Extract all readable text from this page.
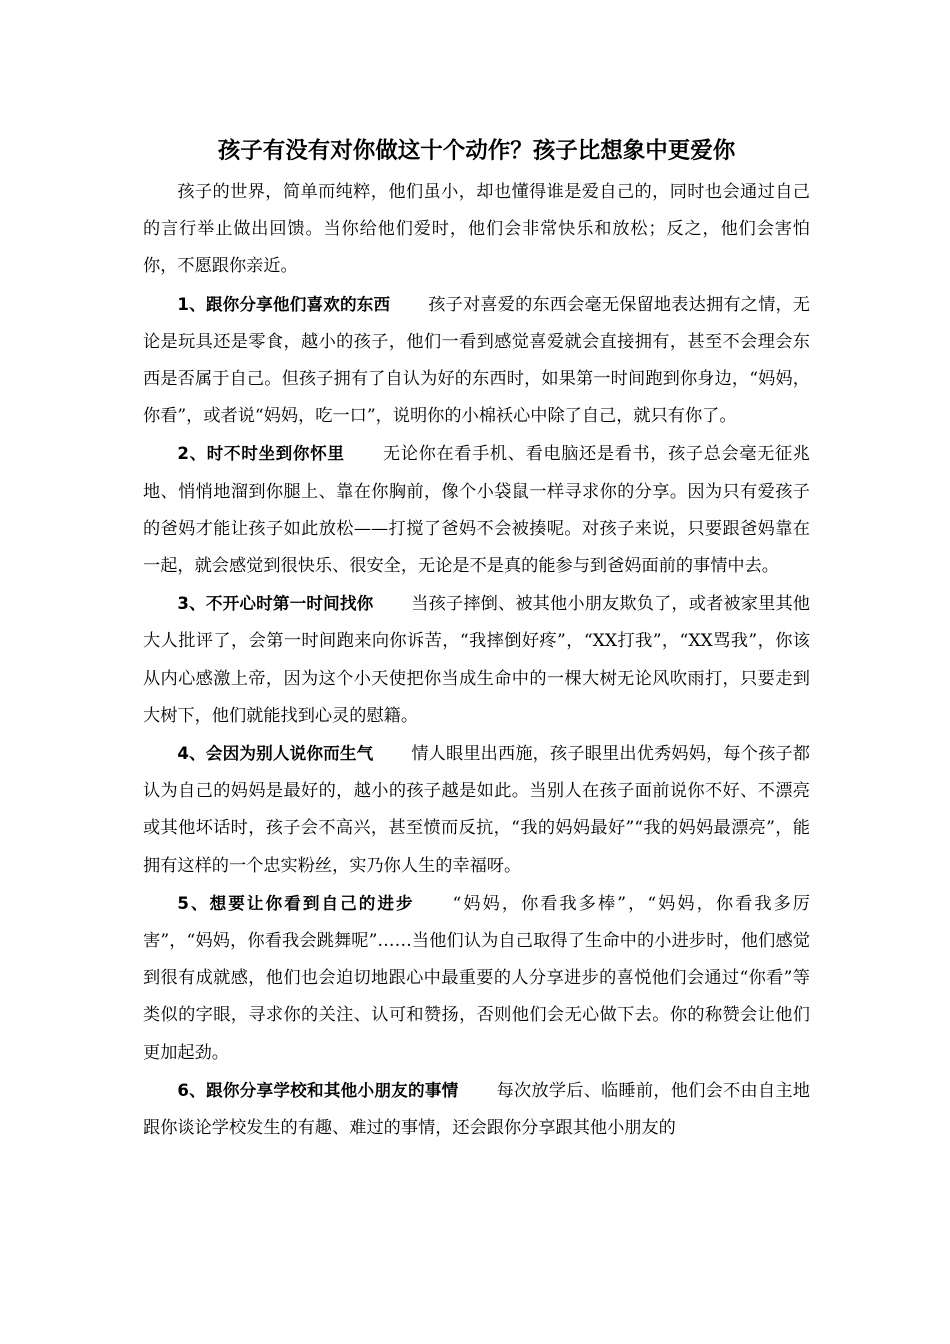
孩子有没有对你做这十个动作？孩子比想象中更爱你

孩子的世界，简单而纯粹，他们虽小，却也懂得谁是爱自己的，同时也会通过自己的言行举止做出回馈。当你给他们爱时，他们会非常快乐和放松；反之，他们会害怕你，不愿跟你亲近。

1、跟你分享他们喜欢的东西 孩子对喜爱的东西会毫无保留地表达拥有之情，无论是玩具还是零食，越小的孩子，他们一看到感觉喜爱就会直接拥有，甚至不会理会东西是否属于自己。但孩子拥有了自认为好的东西时，如果第一时间跑到你身边，“妈妈，你看”，或者说“妈妈，吃一口”，说明你的小棉袄心中除了自己，就只有你了。

2、时不时坐到你怀里 无论你在看手机、看电脑还是看书，孩子总会毫无征兆地、悄悄地溜到你腿上、靠在你胸前，像个小袋鼠一样寻求你的分享。因为只有爱孩子的爸妈才能让孩子如此放松——打搅了爸妈不会被揍呢。对孩子来说，只要跟爸妈靠在一起，就会感觉到很快乐、很安全，无论是不是真的能参与到爸妈面前的事情中去。

3、不开心时第一时间找你 当孩子摔倒、被其他小朋友欺负了，或者被家里其他大人批评了，会第一时间跑来向你诉苦，“我摔倒好疼”，“XX打我”，“XX骂我”，你该从内心感激上帝，因为这个小天使把你当成生命中的一棵大树无论风吹雨打，只要走到大树下，他们就能找到心灵的慰籍。

4、会因为别人说你而生气 情人眼里出西施，孩子眼里出优秀妈妈，每个孩子都认为自己的妈妈是最好的，越小的孩子越是如此。当别人在孩子面前说你不好、不漂亮或其他坏话时，孩子会不高兴，甚至愤而反抗，“我的妈妈最好”“我的妈妈最漂亮”，能拥有这样的一个忠实粉丝，实乃你人生的幸福呀。

5、想要让你看到自己的进步 “妈妈，你看我多棒”，“妈妈，你看我多厉害”，“妈妈，你看我会跳舞呢”……当他们认为自己取得了生命中的小进步时，他们感觉到很有成就感，他们也会迫切地跟心中最重要的人分享进步的喜悦他们会通过“你看”等类似的字眼，寻求你的关注、认可和赞扬，否则他们会无心做下去。你的称赞会让他们更加起劲。

6、跟你分享学校和其他小朋友的事情 每次放学后、临睡前，他们会不由自主地跟你谈论学校发生的有趣、难过的事情，还会跟你分享跟其他小朋友的
